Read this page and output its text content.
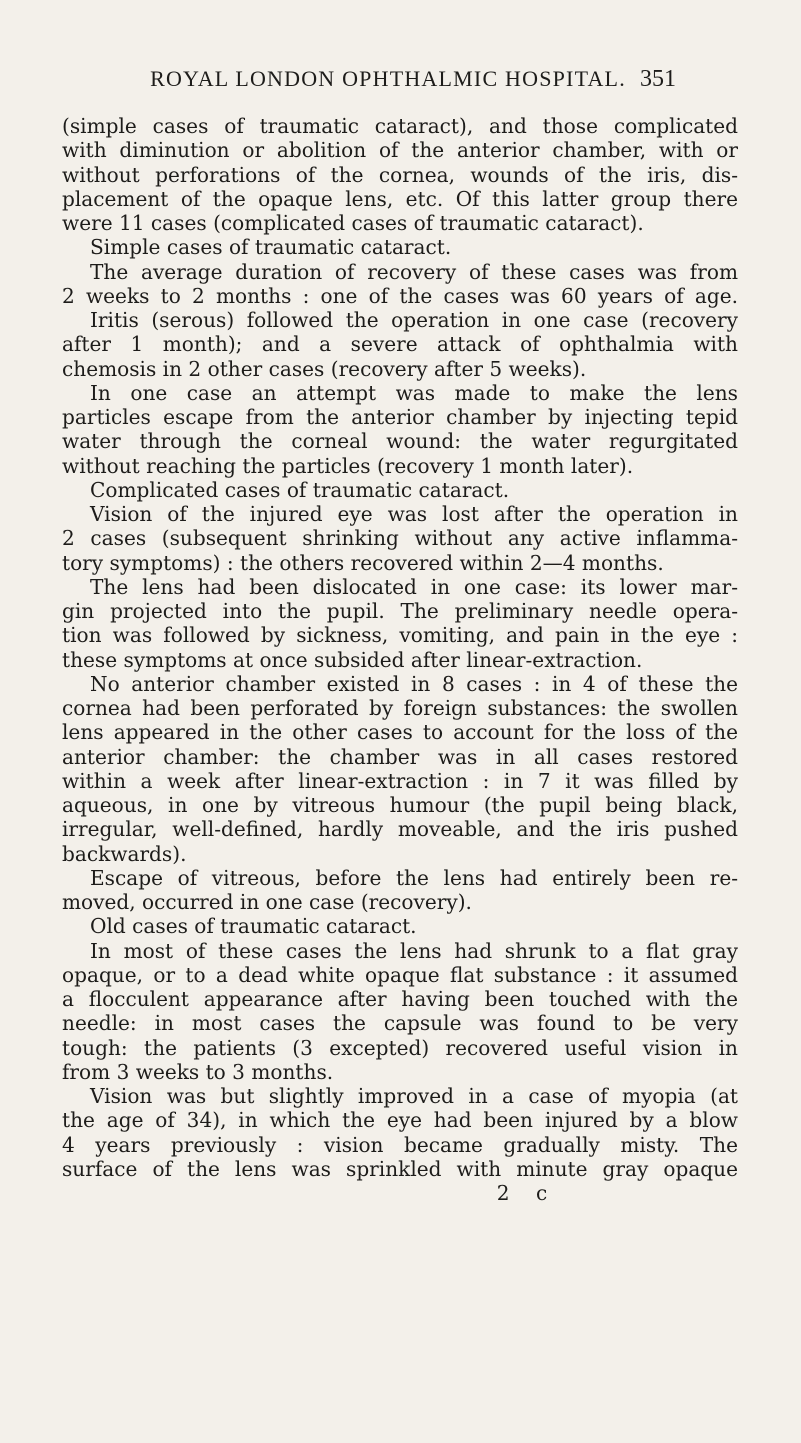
ROYAL LONDON OPHTHALMIC HOSPITAL. 351
(simple cases of traumatic cataract), and those complicated
with diminution or abolition of the anterior chamber, with or
without perforations of the cornea, wounds of the iris, dis-
placement of the opaque lens, etc. Of this latter group there
were 11 cases (complicated cases of traumatic cataract).
Simple cases of traumatic cataract.
The average duration of recovery of these cases was from
2 weeks to 2 months : one of the cases was 60 years of age.
Iritis (serous) followed the operation in one case (recovery
after 1 month); and a severe attack of ophthalmia with
chemosis in 2 other cases (recovery after 5 weeks).
In one case an attempt was made to make the lens
particles escape from the anterior chamber by injecting tepid
water through the corneal wound: the water regurgitated
without reaching the particles (recovery 1 month later).
Complicated cases of traumatic cataract.
Vision of the injured eye was lost after the operation in
2 cases (subsequent shrinking without any active inflamma-
tory symptoms) : the others recovered within 2—4 months.
The lens had been dislocated in one case: its lower mar-
gin projected into the pupil. The preliminary needle opera-
tion was followed by sickness, vomiting, and pain in the eye :
these symptoms at once subsided after linear-extraction.
No anterior chamber existed in 8 cases : in 4 of these the
cornea had been perforated by foreign substances: the swollen
lens appeared in the other cases to account for the loss of the
anterior chamber: the chamber was in all cases restored
within a week after linear-extraction : in 7 it was filled by
aqueous, in one by vitreous humour (the pupil being black,
irregular, well-defined, hardly moveable, and the iris pushed
backwards).
Escape of vitreous, before the lens had entirely been re-
moved, occurred in one case (recovery).
Old cases of traumatic cataract.
In most of these cases the lens had shrunk to a flat gray
opaque, or to a dead white opaque flat substance : it assumed
a flocculent appearance after having been touched with the
needle: in most cases the capsule was found to be very
tough: the patients (3 excepted) recovered useful vision in
from 3 weeks to 3 months.
Vision was but slightly improved in a case of myopia (at
the age of 34), in which the eye had been injured by a blow
4 years previously : vision became gradually misty. The
surface of the lens was sprinkled with minute gray opaque
2 c
